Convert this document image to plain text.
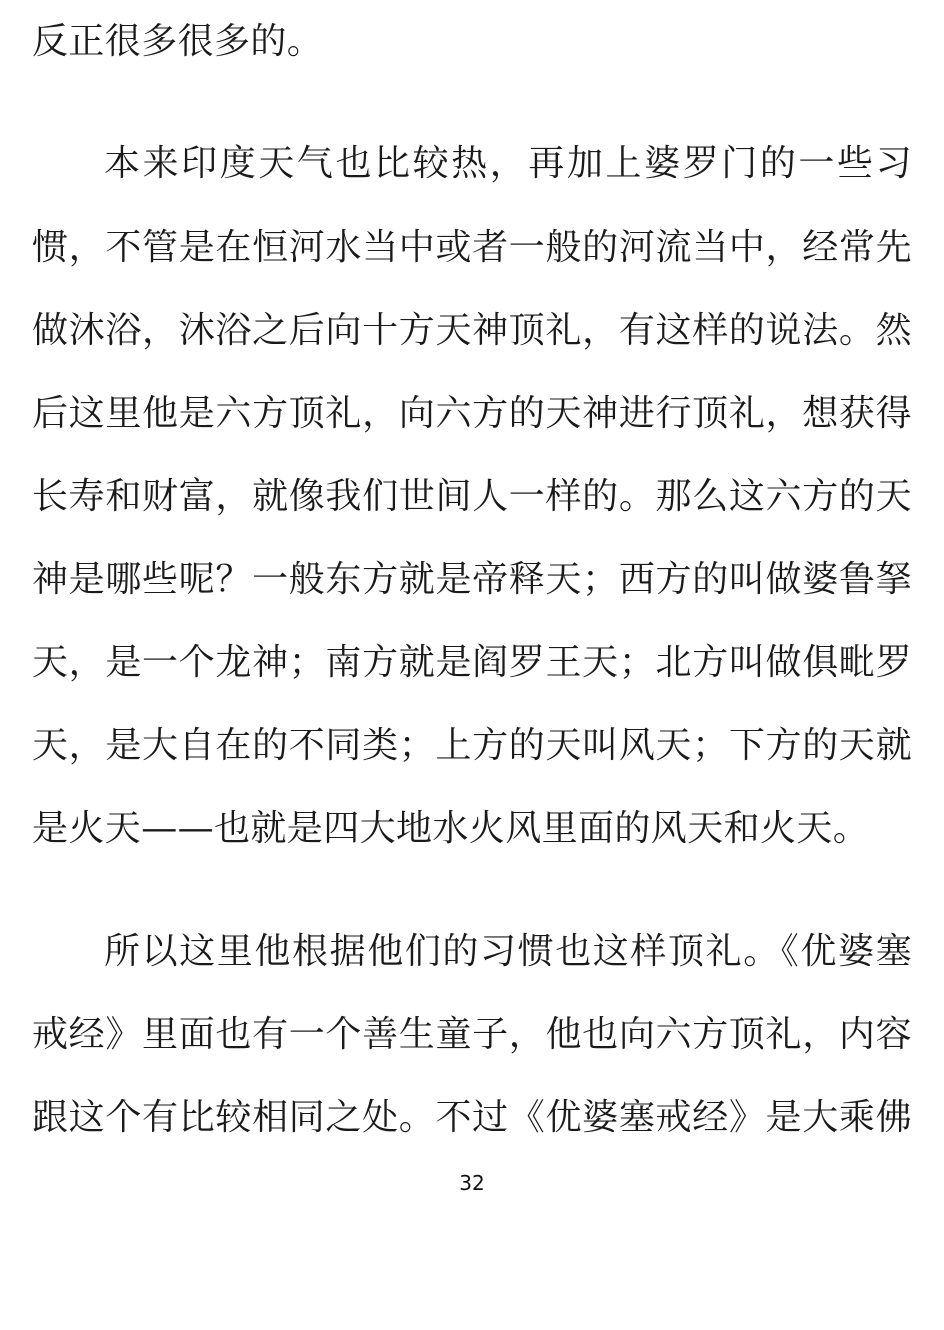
反正很多很多的。
本来印度天气也比较热，再加上婆罗门的一些习
惯，不管是在恒河水当中或者一般的河流当中，经常先
做沐浴，沐浴之后向十方天神顶礼，有这样的说法。然
后这里他是六方顶礼，向六方的天神进行顶礼，想获得
长寿和财富，就像我们世间人一样的。那么这六方的天
神是哪些呢？一般东方就是帝释天；西方的叫做婆鲁拏
天，是一个龙神；南方就是阎罗王天；北方叫做俱毗罗
天，是大自在的不同类；上方的天叫风天；下方的天就
是火天——也就是四大地水火风里面的风天和火天。
所以这里他根据他们的习惯也这样顶礼。《优婆塞
戒经》里面也有一个善生童子，他也向六方顶礼，内容
跟这个有比较相同之处。不过《优婆塞戒经》是大乘佛
32
